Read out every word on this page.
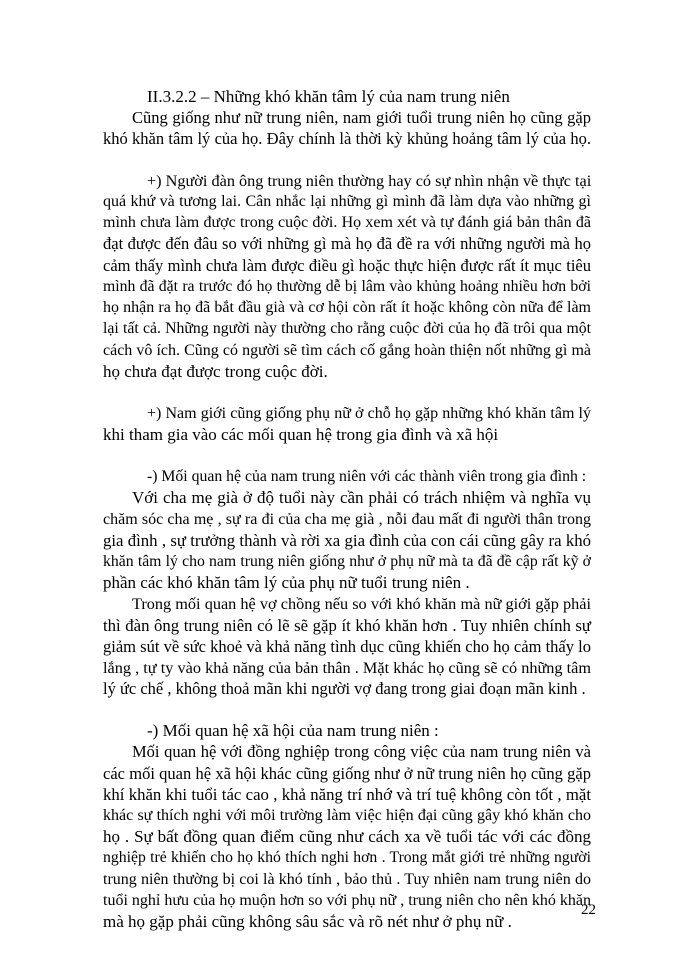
II.3.2.2 – Những khó khăn tâm lý của nam trung niên
Cũng giống như nữ trung niên, nam giới tuổi trung niên họ cũng gặp
khó khăn tâm lý của họ. Đây chính là thời kỳ khủng hoảng tâm lý của họ.
+) Người đàn ông trung niên thường hay có sự nhìn nhận về thực tại
quá khứ và tương lai. Cân nhắc lại những gì mình đã làm dựa vào những gì
mình chưa làm được trong cuộc đời. Họ xem xét và tự đánh giá bản thân đã
đạt được đến đâu so với những gì mà họ đã đề ra với những người mà họ
cảm thấy mình chưa làm được điều gì hoặc thực hiện được rất ít mục tiêu
mình đã đặt ra trước đó họ thường dễ bị lâm vào khủng hoảng nhiều hơn bởi
họ nhận ra họ đã bắt đầu già và cơ hội còn rất ít hoặc không còn nữa để làm
lại tất cả. Những người này thường cho rằng cuộc đời của họ đã trôi qua một
cách vô ích. Cũng có người sẽ tìm cách cố gắng hoàn thiện nốt những gì mà
họ chưa đạt được trong cuộc đời.
+) Nam giới cũng giống phụ nữ ở chỗ họ gặp những khó khăn tâm lý
khi tham gia vào các mối quan hệ trong gia đình và xã hội
-) Mối quan hệ của nam trung niên với các thành viên trong gia đình :
Với cha mẹ già ở độ tuổi này cần phải có trách nhiệm và nghĩa vụ
chăm sóc cha mẹ , sự ra đi của cha mẹ già , nỗi đau mất đi người thân trong
gia đình , sự trưởng thành và rời xa gia đình của con cái cũng gây ra khó
khăn tâm lý cho nam trung niên giống như ở phụ nữ mà ta đã đề cập rất kỹ ở
phần các khó khăn tâm lý của phụ nữ tuổi trung niên .
Trong mối quan hệ vợ chồng nếu so với khó khăn mà nữ giới gặp phải
thì đàn ông trung niên có lẽ sẽ gặp ít khó khăn hơn . Tuy nhiên chính sự
giảm sút về sức khoẻ và khả năng tình dục cũng khiến cho họ cảm thấy lo
lắng , tự ty vào khả năng của bản thân . Mặt khác họ cũng sẽ có những tâm
lý ức chế , không thoả mãn khi người vợ đang trong giai đoạn mãn kinh .
-) Mối quan hệ xã hội của nam trung niên :
Mối quan hệ với đồng nghiệp trong công việc của nam trung niên và
các mối quan hệ xã hội khác cũng giống như ở nữ trung niên họ cũng gặp
khí khăn khi tuổi tác cao , khả năng trí nhớ và trí tuệ không còn tốt , mặt
khác sự thích nghi với môi trường làm việc hiện đại cũng gây khó khăn cho
họ . Sự bất đồng quan điểm cũng như cách xa về tuổi tác với các đồng
nghiệp trẻ khiến cho họ khó thích nghi hơn . Trong mắt giới trẻ những người
trung niên thường bị coi là khó tính , bảo thủ . Tuy nhiên nam trung niên do
tuổi nghỉ hưu của họ muộn hơn so với phụ nữ , trung niên cho nên khó khăn
mà họ gặp phải cũng không sâu sắc và rõ nét như ở phụ nữ .
22
